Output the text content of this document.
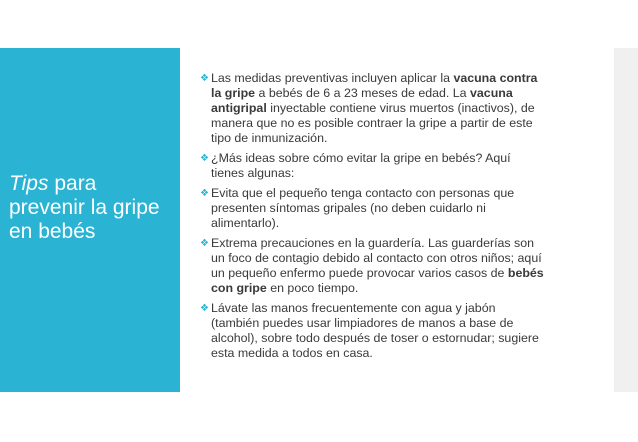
Tips para prevenir la gripe en bebés
❖ Las medidas preventivas incluyen aplicar la vacuna contra
la gripe a bebés de 6 a 23 meses de edad. La vacuna
antigripal inyectable contiene virus muertos (inactivos), de
manera que no es posible contraer la gripe a partir de este
tipo de inmunización.
❖ ¿Más ideas sobre cómo evitar la gripe en bebés? Aquí
tienes algunas:
❖ Evita que el pequeño tenga contacto con personas que
presenten síntomas gripales (no deben cuidarlo ni
alimentarlo).
❖ Extrema precauciones en la guardería. Las guarderías son
un foco de contagio debido al contacto con otros niños; aquí
un pequeño enfermo puede provocar varios casos de bebés
con gripe en poco tiempo.
❖ Lávate las manos frecuentemente con agua y jabón
(también puedes usar limpiadores de manos a base de
alcohol), sobre todo después de toser o estornudar; sugiere
esta medida a todos en casa.
